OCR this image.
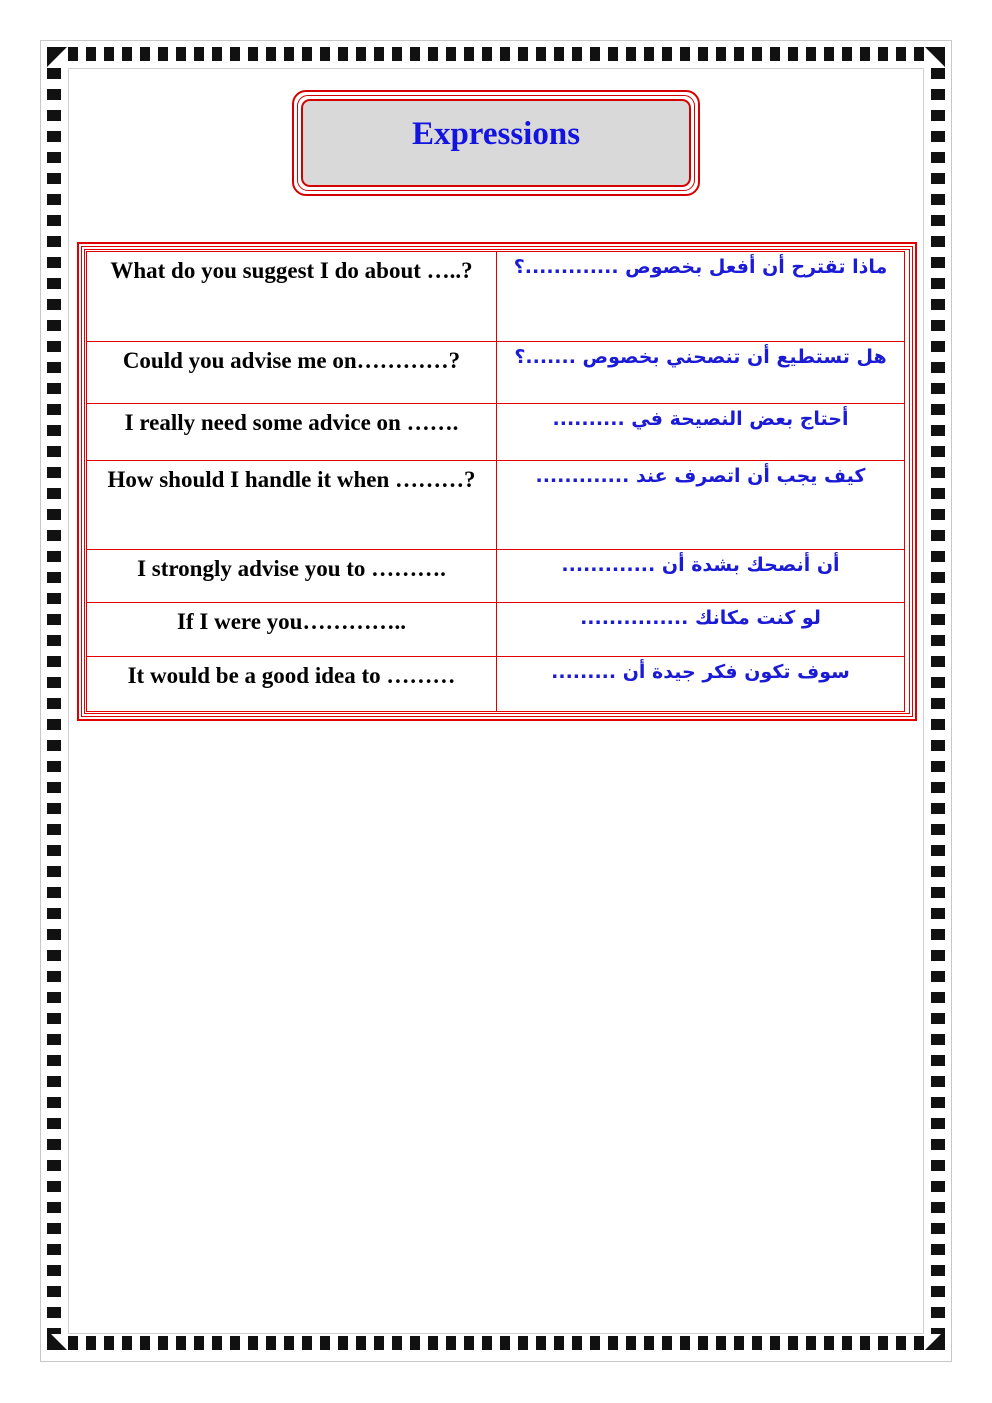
Expressions
What do you suggest I do about …..?	ماذا تقترح أن أفعل بخصوص .............؟
Could you advise me on…………?	هل تستطيع أن تنصحني بخصوص .......؟
I really need some advice on …….	أحتاج بعض النصيحة في ..........
How should I handle it when ………?	كيف يجب أن اتصرف عند .............
I strongly advise you to ……….	أن أنصحك بشدة أن .............
If I were you…………..	لو كنت مكانك ...............
It would be a good idea to ………	سوف تكون فكر جيدة أن .........
